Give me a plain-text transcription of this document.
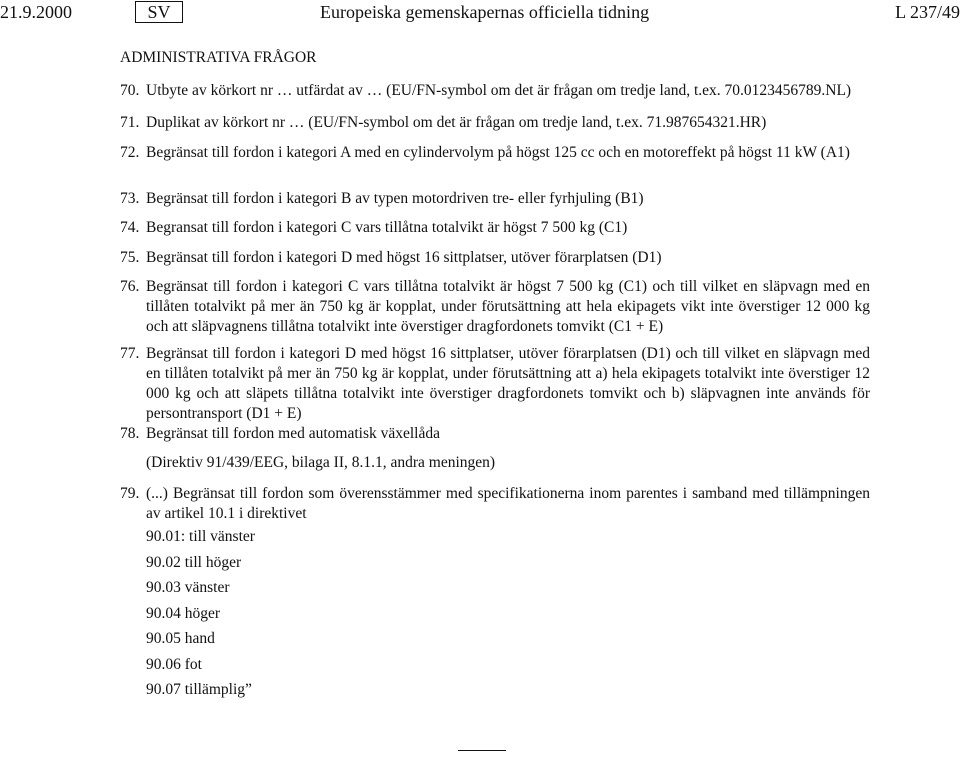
21.9.2000	SV	Europeiska gemenskapernas officiella tidning	L 237/49
ADMINISTRATIVA FRÅGOR
70. Utbyte av körkort nr … utfärdat av … (EU/FN-symbol om det är frågan om tredje land, t.ex. 70.0123456789.NL)
71. Duplikat av körkort nr … (EU/FN-symbol om det är frågan om tredje land, t.ex. 71.987654321.HR)
72. Begränsat till fordon i kategori A med en cylindervolym på högst 125 cc och en motoreffekt på högst 11 kW (A1)
73. Begränsat till fordon i kategori B av typen motordriven tre- eller fyrhjuling (B1)
74. Begransat till fordon i kategori C vars tillåtna totalvikt är högst 7 500 kg (C1)
75. Begränsat till fordon i kategori D med högst 16 sittplatser, utöver förarplatsen (D1)
76. Begränsat till fordon i kategori C vars tillåtna totalvikt är högst 7 500 kg (C1) och till vilket en släpvagn med en tillåten totalvikt på mer än 750 kg är kopplat, under förutsättning att hela ekipagets vikt inte överstiger 12 000 kg och att släpvagnens tillåtna totalvikt inte överstiger dragfordonets tomvikt (C1 + E)
77. Begränsat till fordon i kategori D med högst 16 sittplatser, utöver förarplatsen (D1) och till vilket en släpvagn med en tillåten totalvikt på mer än 750 kg är kopplat, under förutsättning att a) hela ekipagets totalvikt inte överstiger 12 000 kg och att släpets tillåtna totalvikt inte överstiger dragfordonets tomvikt och b) släpvagnen inte används för persontransport (D1 + E)
78. Begränsat till fordon med automatisk växellåda
(Direktiv 91/439/EEG, bilaga II, 8.1.1, andra meningen)
79. (...) Begränsat till fordon som överensstämmer med specifikationerna inom parentes i samband med tillämpningen av artikel 10.1 i direktivet
90.01: till vänster
90.02 till höger
90.03 vänster
90.04 höger
90.05 hand
90.06 fot
90.07 tillämplig”
